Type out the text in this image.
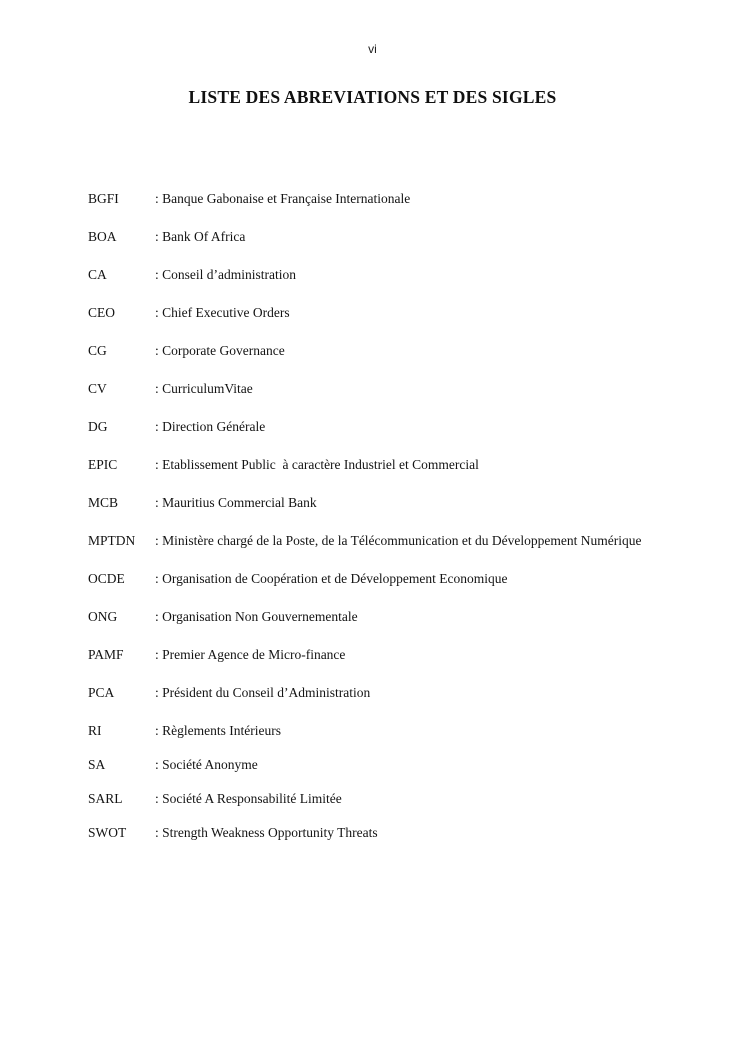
vi
LISTE DES ABREVIATIONS ET DES SIGLES
BGFI	: Banque Gabonaise et Française Internationale
BOA	: Bank Of Africa
CA	: Conseil d’administration
CEO	: Chief Executive Orders
CG	: Corporate Governance
CV	: CurriculumVitae
DG	: Direction Générale
EPIC	: Etablissement Public  à caractère Industriel et Commercial
MCB	: Mauritius Commercial Bank
MPTDN : Ministère chargé de la Poste, de la Télécommunication et du Développement Numérique
OCDE : Organisation de Coopération et de Développement Economique
ONG	: Organisation Non Gouvernementale
PAMF : Premier Agence de Micro-finance
PCA	: Président du Conseil d’Administration
RI	: Règlements Intérieurs
SA	: Société Anonyme
SARL : Société A Responsabilité Limitée
SWOT : Strength Weakness Opportunity Threats
